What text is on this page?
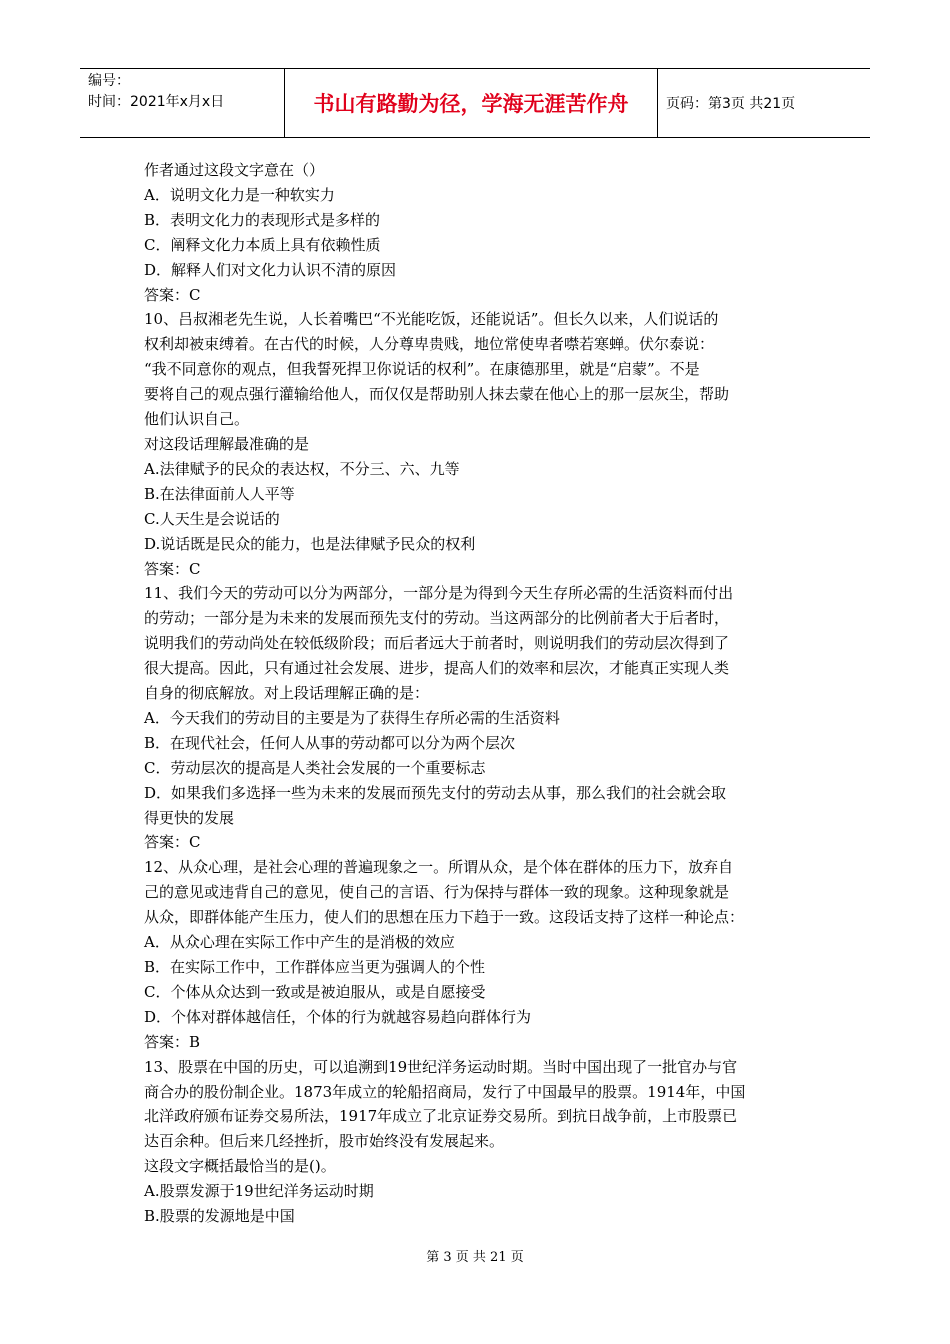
编号：
时间：2021年x月x日	书山有路勤为径，学海无涯苦作舟	页码：第3页 共21页
作者通过这段文字意在（）
A．说明文化力是一种软实力
B．表明文化力的表现形式是多样的
C．阐释文化力本质上具有依赖性质
D．解释人们对文化力认识不清的原因
答案：C
10、吕叔湘老先生说，人长着嘴巴“不光能吃饭，还能说话”。但长久以来，人们说话的
权利却被束缚着。在古代的时候，人分尊卑贵贱，地位常使卑者噤若寒蝉。伏尔泰说：
“我不同意你的观点，但我誓死捍卫你说话的权利”。在康德那里，就是“启蒙”。不是
要将自己的观点强行灌输给他人，而仅仅是帮助别人抹去蒙在他心上的那一层灰尘，帮助
他们认识自己。
对这段话理解最准确的是
A.法律赋予的民众的表达权，不分三、六、九等
B.在法律面前人人平等
C.人天生是会说话的
D.说话既是民众的能力，也是法律赋予民众的权利
答案：C
11、我们今天的劳动可以分为两部分，一部分是为得到今天生存所必需的生活资料而付出
的劳动；一部分是为未来的发展而预先支付的劳动。当这两部分的比例前者大于后者时，
说明我们的劳动尚处在较低级阶段；而后者远大于前者时，则说明我们的劳动层次得到了
很大提高。因此，只有通过社会发展、进步，提高人们的效率和层次，才能真正实现人类
自身的彻底解放。对上段话理解正确的是：
A．今天我们的劳动目的主要是为了获得生存所必需的生活资料
B．在现代社会，任何人从事的劳动都可以分为两个层次
C．劳动层次的提高是人类社会发展的一个重要标志
D．如果我们多选择一些为未来的发展而预先支付的劳动去从事，那么我们的社会就会取
得更快的发展
答案：C
12、从众心理，是社会心理的普遍现象之一。所谓从众，是个体在群体的压力下，放弃自
己的意见或违背自己的意见，使自己的言语、行为保持与群体一致的现象。这种现象就是
从众，即群体能产生压力，使人们的思想在压力下趋于一致。这段话支持了这样一种论点：
A．从众心理在实际工作中产生的是消极的效应
B．在实际工作中，工作群体应当更为强调人的个性
C．个体从众达到一致或是被迫服从，或是自愿接受
D．个体对群体越信任，个体的行为就越容易趋向群体行为
答案：B
13、股票在中国的历史，可以追溯到19世纪洋务运动时期。当时中国出现了一批官办与官
商合办的股份制企业。1873年成立的轮船招商局，发行了中国最早的股票。1914年，中国
北洋政府颁布证券交易所法，1917年成立了北京证券交易所。到抗日战争前，上市股票已
达百余种。但后来几经挫折，股市始终没有发展起来。
这段文字概括最恰当的是()。
A.股票发源于19世纪洋务运动时期
B.股票的发源地是中国
第 3 页 共 21 页
